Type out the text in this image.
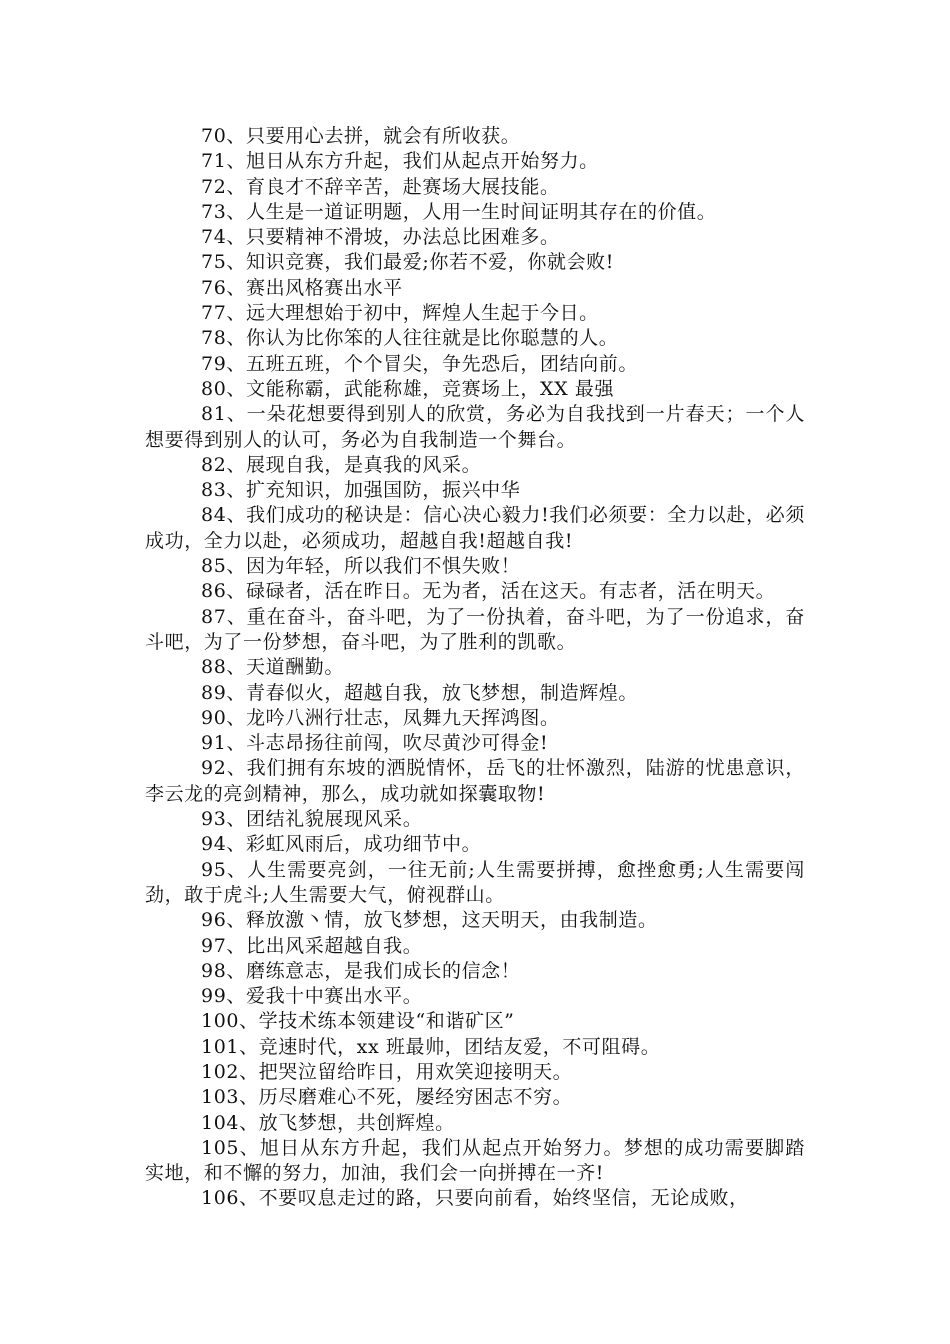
70、只要用心去拼，就会有所收获。

71、旭日从东方升起，我们从起点开始努力。

72、育良才不辞辛苦，赴赛场大展技能。

73、人生是一道证明题，人用一生时间证明其存在的价值。

74、只要精神不滑坡，办法总比困难多。

75、知识竞赛，我们最爱;你若不爱，你就会败!

76、赛出风格赛出水平

77、远大理想始于初中，辉煌人生起于今日。

78、你认为比你笨的人往往就是比你聪慧的人。

79、五班五班，个个冒尖，争先恐后，团结向前。

80、文能称霸，武能称雄，竞赛场上，XX 最强

81、一朵花想要得到别人的欣赏，务必为自我找到一片春天；一个人想要得到别人的认可，务必为自我制造一个舞台。

82、展现自我，是真我的风采。

83、扩充知识，加强国防，振兴中华

84、我们成功的秘诀是：信心决心毅力!我们必须要：全力以赴，必须成功，全力以赴，必须成功，超越自我!超越自我!

85、因为年轻，所以我们不惧失败！

86、碌碌者，活在昨日。无为者，活在这天。有志者，活在明天。

87、重在奋斗，奋斗吧，为了一份执着，奋斗吧，为了一份追求，奋斗吧，为了一份梦想，奋斗吧，为了胜利的凯歌。

88、天道酬勤。

89、青春似火，超越自我，放飞梦想，制造辉煌。

90、龙吟八洲行壮志，凤舞九天挥鸿图。

91、斗志昂扬往前闯，吹尽黄沙可得金!

92、我们拥有东坡的洒脱情怀，岳飞的壮怀激烈，陆游的忧患意识，李云龙的亮剑精神，那么，成功就如探囊取物!

93、团结礼貌展现风采。

94、彩虹风雨后，成功细节中。

95、人生需要亮剑，一往无前;人生需要拼搏，愈挫愈勇;人生需要闯劲，敢于虎斗;人生需要大气，俯视群山。

96、释放激丶情，放飞梦想，这天明天，由我制造。

97、比出风采超越自我。

98、磨练意志，是我们成长的信念！

99、爱我十中赛出水平。

100、学技术练本领建设“和谐矿区”

101、竞速时代，xx 班最帅，团结友爱，不可阻碍。

102、把哭泣留给昨日，用欢笑迎接明天。

103、历尽磨难心不死，屡经穷困志不穷。

104、放飞梦想，共创辉煌。

105、旭日从东方升起，我们从起点开始努力。梦想的成功需要脚踏实地，和不懈的努力，加油，我们会一向拼搏在一齐!

106、不要叹息走过的路，只要向前看，始终坚信，无论成败，
